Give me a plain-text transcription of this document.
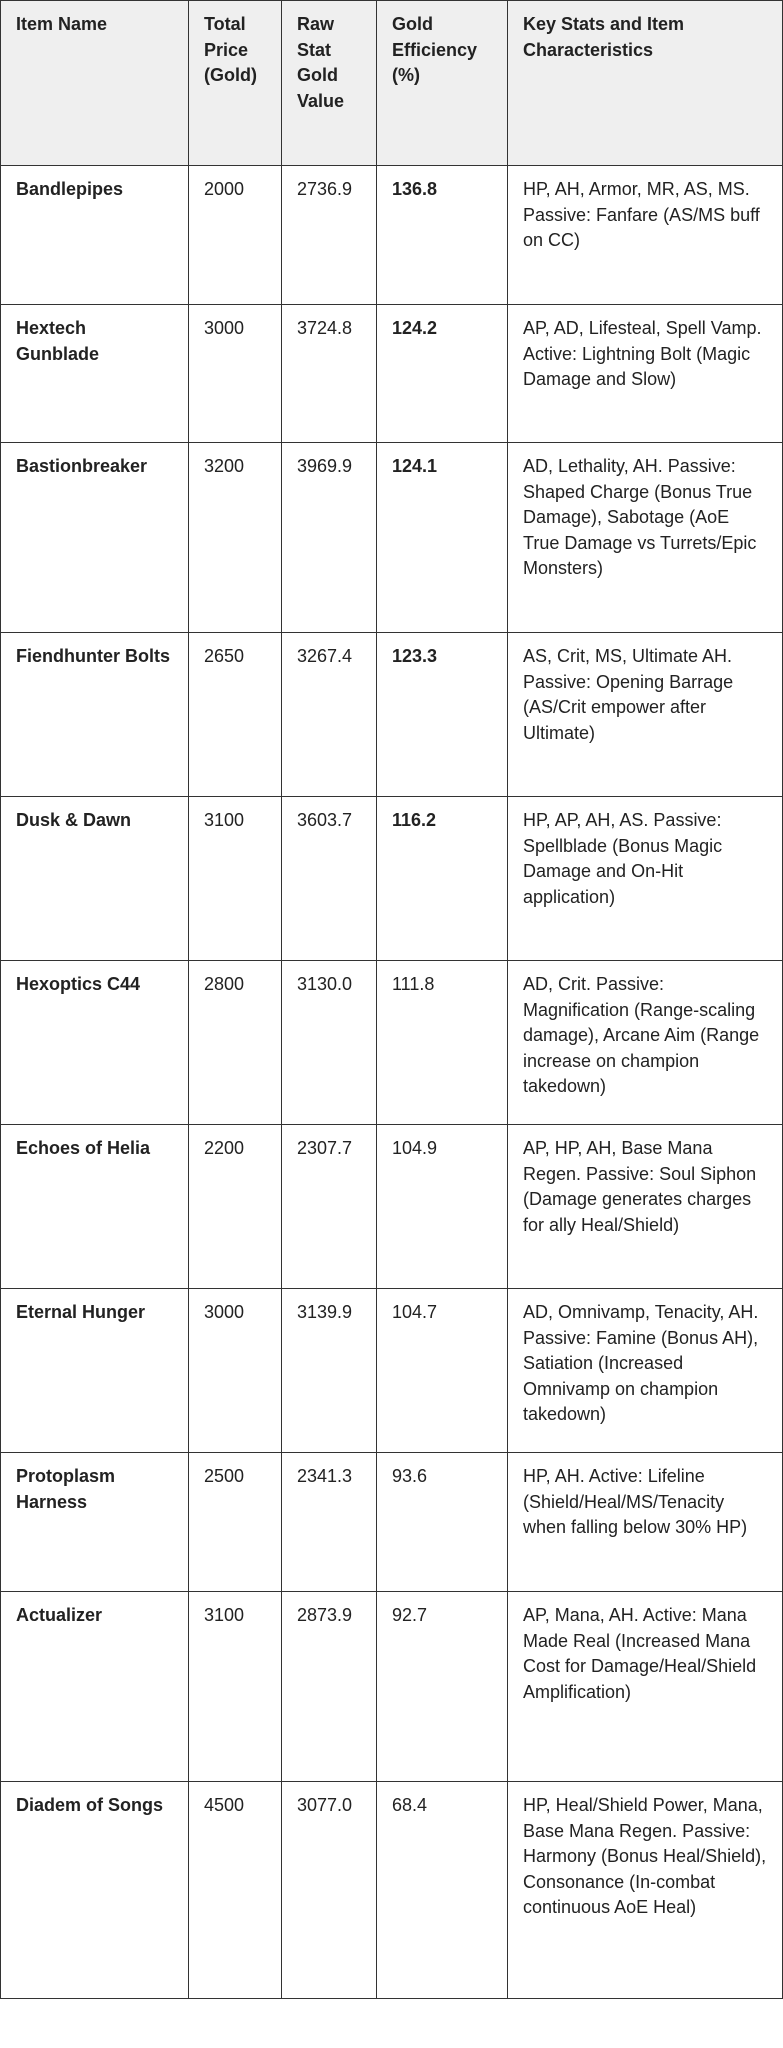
Item Name	Total Price (Gold)	Raw Stat Gold Value	Gold Efficiency (%)	Key Stats and Item Characteristics
Bandlepipes	2000	2736.9	136.8	HP, AH, Armor, MR, AS, MS. Passive: Fanfare (AS/MS buff on CC)
Hextech Gunblade	3000	3724.8	124.2	AP, AD, Lifesteal, Spell Vamp. Active: Lightning Bolt (Magic Damage and Slow)
Bastionbreaker	3200	3969.9	124.1	AD, Lethality, AH. Passive: Shaped Charge (Bonus True Damage), Sabotage (AoE True Damage vs Turrets/Epic Monsters)
Fiendhunter Bolts	2650	3267.4	123.3	AS, Crit, MS, Ultimate AH. Passive: Opening Barrage (AS/Crit empower after Ultimate)
Dusk & Dawn	3100	3603.7	116.2	HP, AP, AH, AS. Passive: Spellblade (Bonus Magic Damage and On-Hit application)
Hexoptics C44	2800	3130.0	111.8	AD, Crit. Passive: Magnification (Range-scaling damage), Arcane Aim (Range increase on champion takedown)
Echoes of Helia	2200	2307.7	104.9	AP, HP, AH, Base Mana Regen. Passive: Soul Siphon (Damage generates charges for ally Heal/Shield)
Eternal Hunger	3000	3139.9	104.7	AD, Omnivamp, Tenacity, AH. Passive: Famine (Bonus AH), Satiation (Increased Omnivamp on champion takedown)
Protoplasm Harness	2500	2341.3	93.6	HP, AH. Active: Lifeline (Shield/Heal/MS/Tenacity when falling below 30% HP)
Actualizer	3100	2873.9	92.7	AP, Mana, AH. Active: Mana Made Real (Increased Mana Cost for Damage/Heal/Shield Amplification)
Diadem of Songs	4500	3077.0	68.4	HP, Heal/Shield Power, Mana, Base Mana Regen. Passive: Harmony (Bonus Heal/Shield), Consonance (In-combat continuous AoE Heal)
